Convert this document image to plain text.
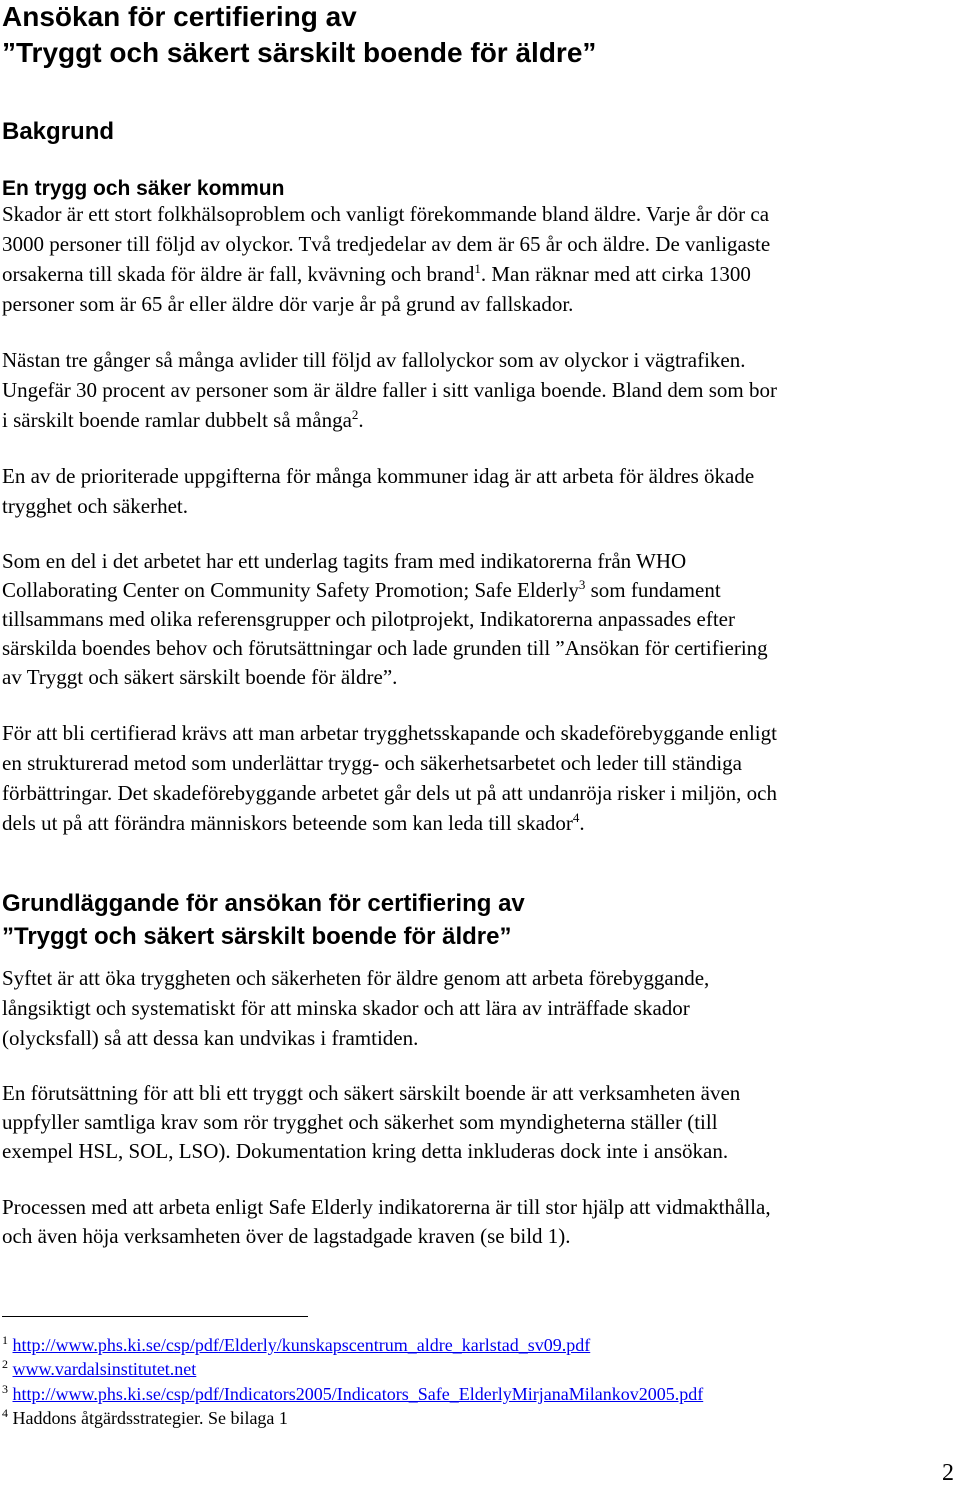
Ansökan för certifiering av
”Tryggt och säkert särskilt boende för äldre”
Bakgrund
En trygg och säker kommun
Skador är ett stort folkhälsoproblem och vanligt förekommande bland äldre. Varje år dör ca
3000 personer till följd av olyckor. Två tredjedelar av dem är 65 år och äldre. De vanligaste
orsakerna till skada för äldre är fall, kvävning och brand$^1$. Man räknar med att cirka 1300
personer som är 65 år eller äldre dör varje år på grund av fallskador.
Nästan tre gånger så många avlider till följd av fallolyckor som av olyckor i vägtrafiken.
Ungefär 30 procent av personer som är äldre faller i sitt vanliga boende. Bland dem som bor
i särskilt boende ramlar dubbelt så många$^2$.
En av de prioriterade uppgifterna för många kommuner idag är att arbeta för äldres ökade
trygghet och säkerhet.
Som en del i det arbetet har ett underlag tagits fram med indikatorerna från WHO
Collaborating Center on Community Safety Promotion; Safe Elderly$^3$ som fundament
tillsammans med olika referensgrupper och pilotprojekt, Indikatorerna anpassades efter
särskilda boendes behov och förutsättningar och lade grunden till ”Ansökan för certifiering
av Tryggt och säkert särskilt boende för äldre”.
För att bli certifierad krävs att man arbetar trygghetsskapande och skadeförebyggande enligt
en strukturerad metod som underlättar trygg- och säkerhetsarbetet och leder till ständiga
förbättringar. Det skadeförebyggande arbetet går dels ut på att undanröja risker i miljön, och
dels ut på att förändra människors beteende som kan leda till skador$^4$.
Grundläggande för ansökan för certifiering av
”Tryggt och säkert särskilt boende för äldre”
Syftet är att öka tryggheten och säkerheten för äldre genom att arbeta förebyggande,
långsiktigt och systematiskt för att minska skador och att lära av inträffade skador
(olycksfall) så att dessa kan undvikas i framtiden.
En förutsättning för att bli ett tryggt och säkert särskilt boende är att verksamheten även
uppfyller samtliga krav som rör trygghet och säkerhet som myndigheterna ställer (till
exempel HSL, SOL, LSO). Dokumentation kring detta inkluderas dock inte i ansökan.
Processen med att arbeta enligt Safe Elderly indikatorerna är till stor hjälp att vidmakthålla,
och även höja verksamheten över de lagstadgade kraven (se bild 1).
$^1$ http://www.phs.ki.se/csp/pdf/Elderly/kunskapscentrum_aldre_karlstad_sv09.pdf
$^2$ www.vardalsinstitutet.net
$^3$ http://www.phs.ki.se/csp/pdf/Indicators2005/Indicators_Safe_ElderlyMirjanaMilankov2005.pdf
$^4$ Haddons åtgärdsstrategier. Se bilaga 1
2
